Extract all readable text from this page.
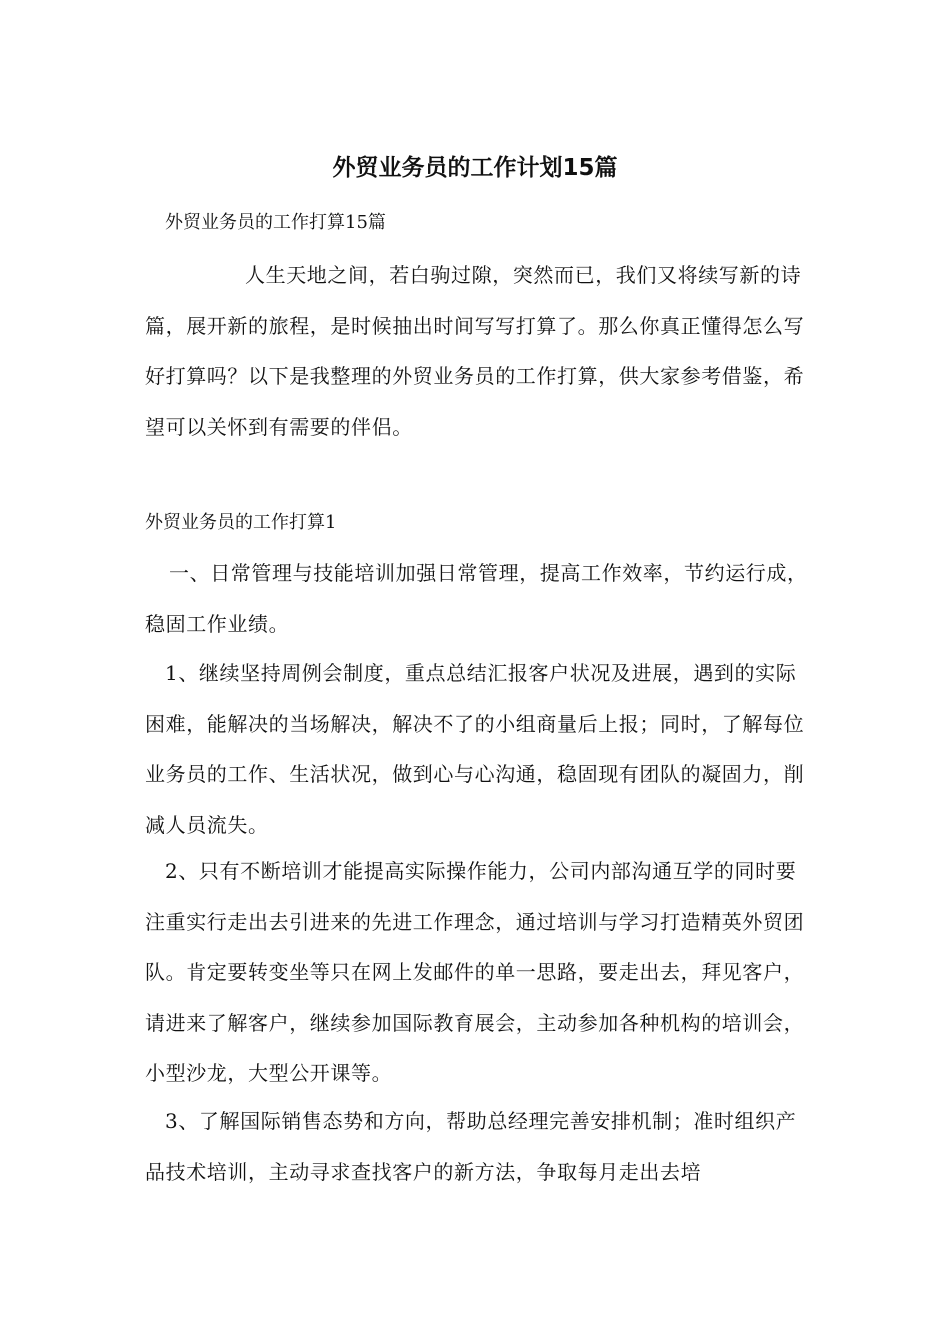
外贸业务员的工作计划15篇

外贸业务员的工作打算15篇

人生天地之间，若白驹过隙，突然而已，我们又将续写新的诗篇，展开新的旅程，是时候抽出时间写写打算了。那么你真正懂得怎么写好打算吗？以下是我整理的外贸业务员的工作打算，供大家参考借鉴，希望可以关怀到有需要的伴侣。

外贸业务员的工作打算1

一、日常管理与技能培训加强日常管理，提高工作效率，节约运行成，稳固工作业绩。

1、继续坚持周例会制度，重点总结汇报客户状况及进展，遇到的实际困难，能解决的当场解决，解决不了的小组商量后上报；同时，了解每位业务员的工作、生活状况，做到心与心沟通，稳固现有团队的凝固力，削减人员流失。

2、只有不断培训才能提高实际操作能力，公司内部沟通互学的同时要注重实行走出去引进来的先进工作理念，通过培训与学习打造精英外贸团队。肯定要转变坐等只在网上发邮件的单一思路，要走出去，拜见客户，请进来了解客户，继续参加国际教育展会，主动参加各种机构的培训会，小型沙龙，大型公开课等。

3、了解国际销售态势和方向，帮助总经理完善安排机制；准时组织产品技术培训，主动寻求查找客户的新方法，争取每月走出去培
